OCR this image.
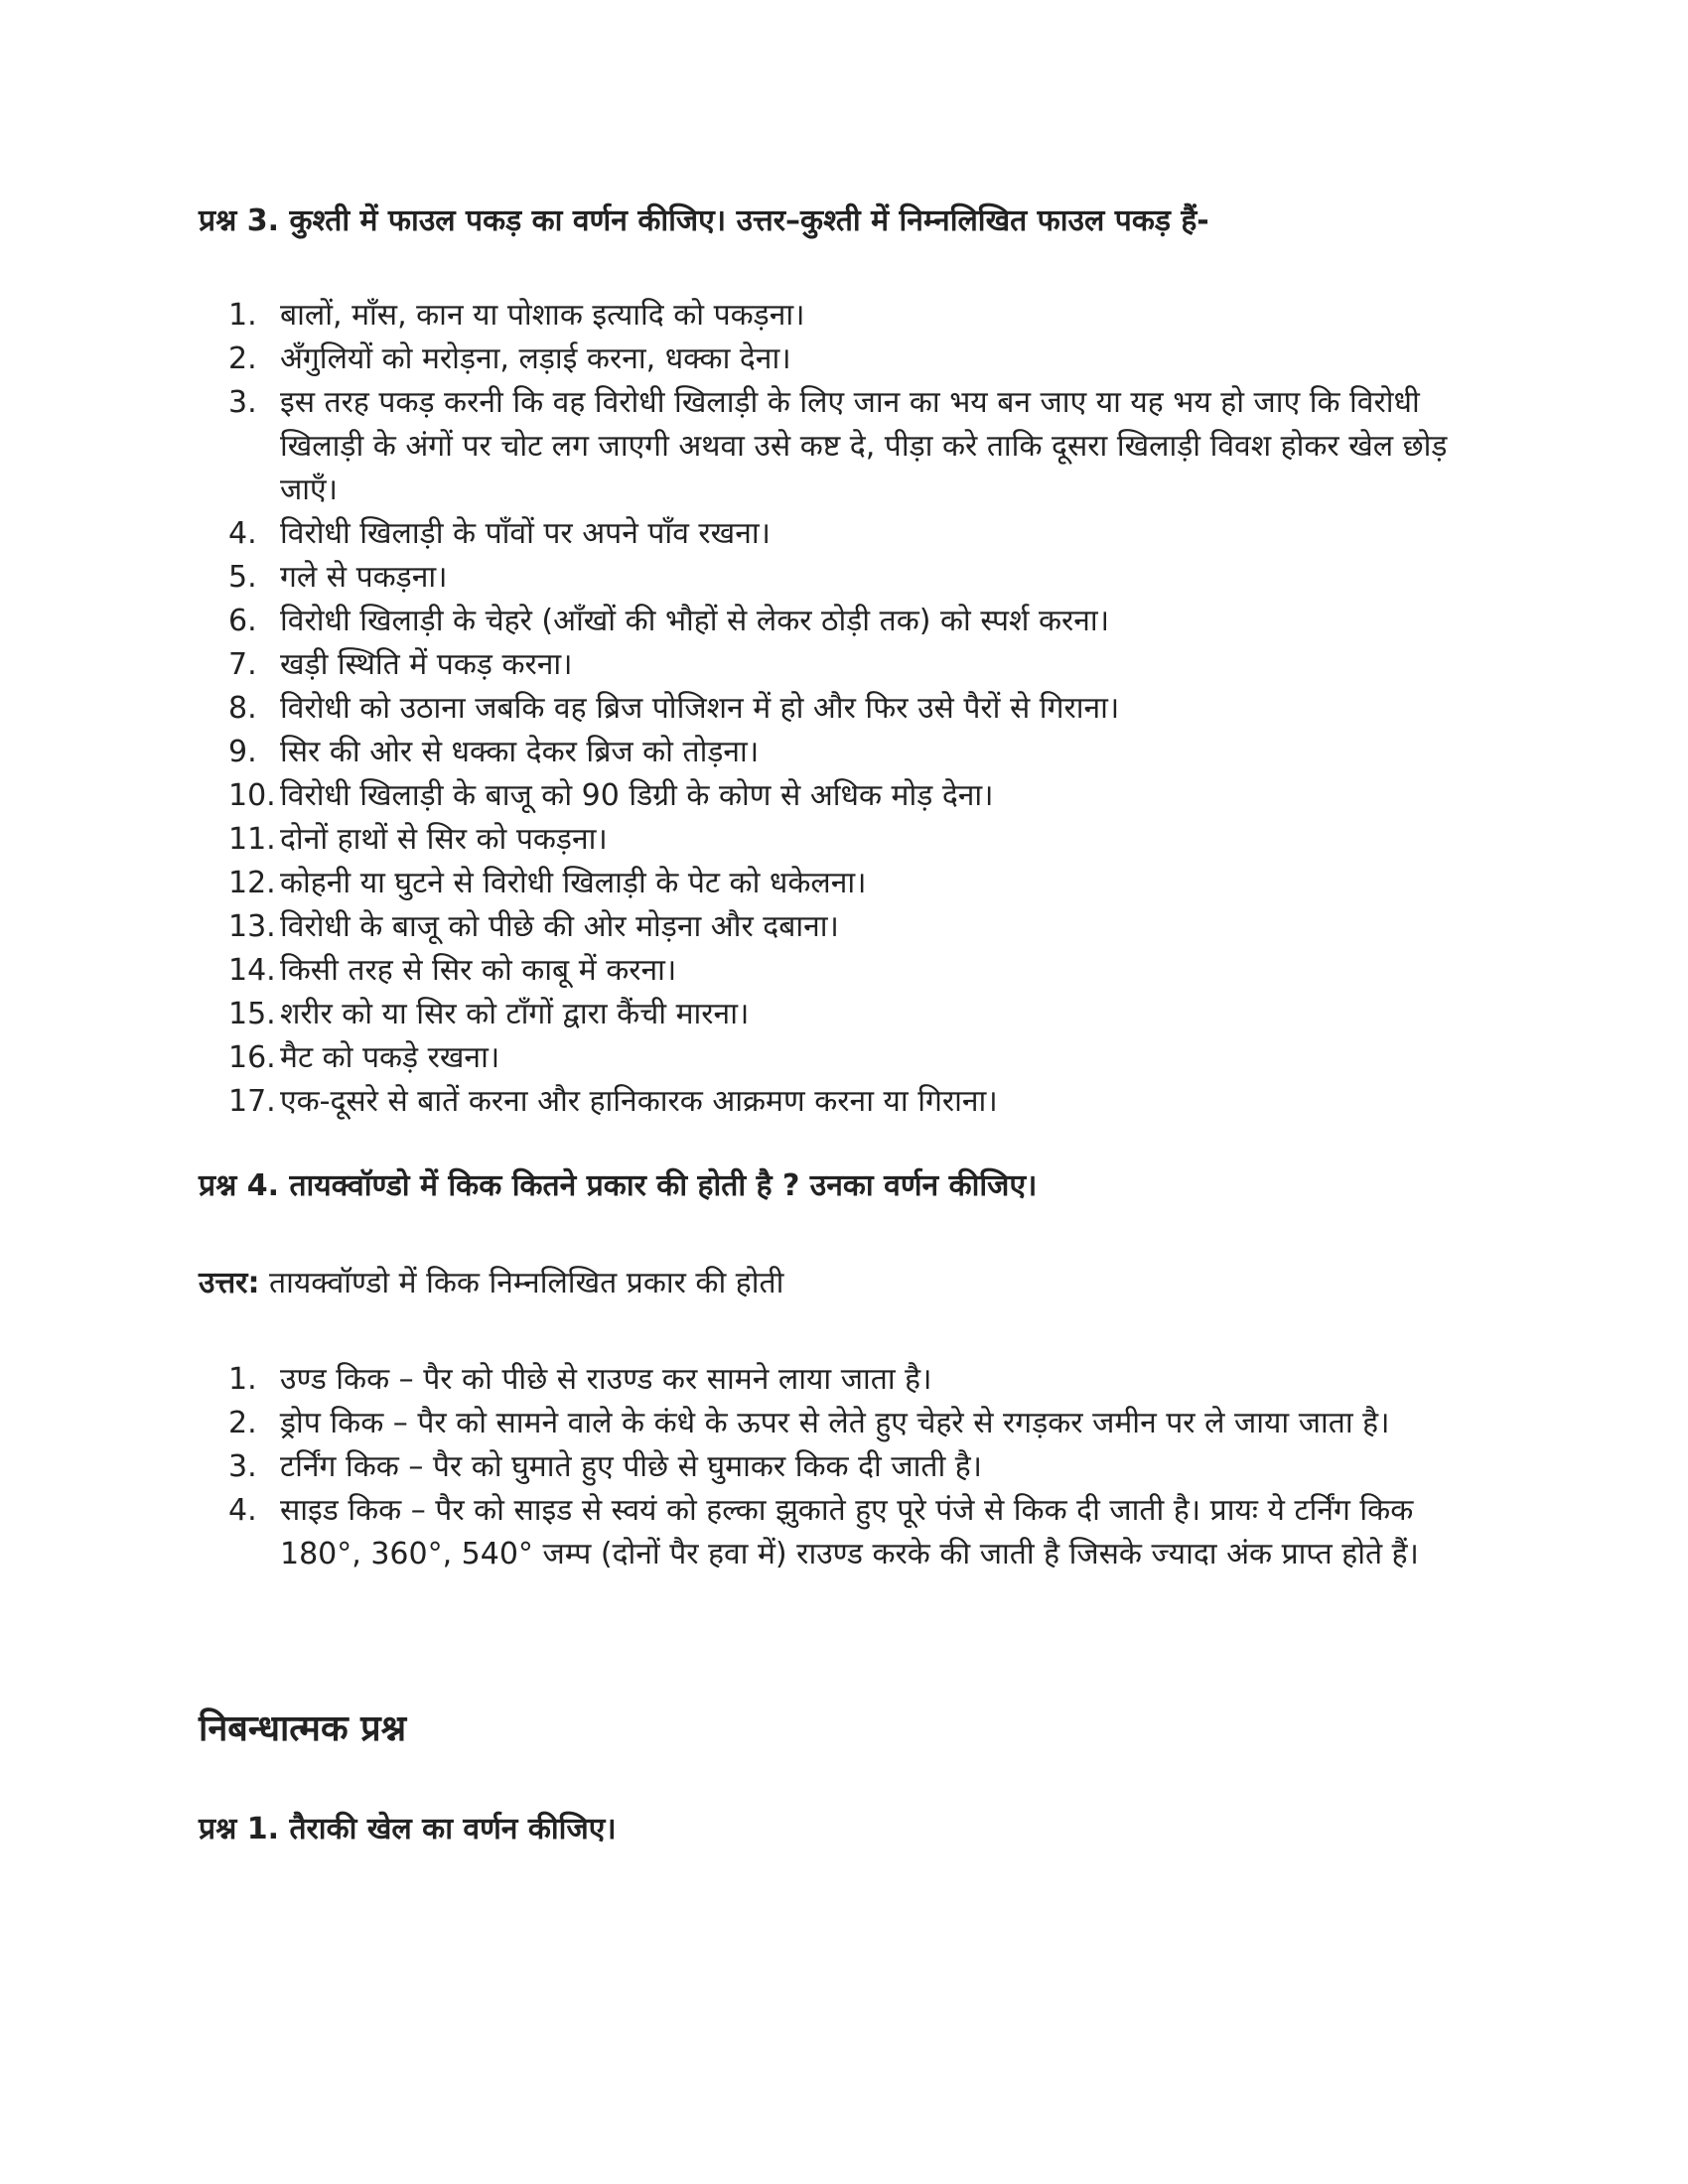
प्रश्न 3. कुश्ती में फाउल पकड़ का वर्णन कीजिए। उत्तर–कुश्ती में निम्नलिखित फाउल पकड़ हैं-
1. बालों, माँस, कान या पोशाक इत्यादि को पकड़ना।
2. अँगुलियों को मरोड़ना, लड़ाई करना, धक्का देना।
3. इस तरह पकड़ करनी कि वह विरोधी खिलाड़ी के लिए जान का भय बन जाए या यह भय हो जाए कि विरोधी खिलाड़ी के अंगों पर चोट लग जाएगी अथवा उसे कष्ट दे, पीड़ा करे ताकि दूसरा खिलाड़ी विवश होकर खेल छोड़ जाएँ।
4. विरोधी खिलाड़ी के पाँवों पर अपने पाँव रखना।
5. गले से पकड़ना।
6. विरोधी खिलाड़ी के चेहरे (आँखों की भौहों से लेकर ठोड़ी तक) को स्पर्श करना।
7. खड़ी स्थिति में पकड़ करना।
8. विरोधी को उठाना जबकि वह ब्रिज पोजिशन में हो और फिर उसे पैरों से गिराना।
9. सिर की ओर से धक्का देकर ब्रिज को तोड़ना।
10. विरोधी खिलाड़ी के बाजू को 90 डिग्री के कोण से अधिक मोड़ देना।
11. दोनों हाथों से सिर को पकड़ना।
12. कोहनी या घुटने से विरोधी खिलाड़ी के पेट को धकेलना।
13. विरोधी के बाजू को पीछे की ओर मोड़ना और दबाना।
14. किसी तरह से सिर को काबू में करना।
15. शरीर को या सिर को टाँगों द्वारा कैंची मारना।
16. मैट को पकड़े रखना।
17. एक-दूसरे से बातें करना और हानिकारक आक्रमण करना या गिराना।
प्रश्न 4. तायक्वॉण्डो में किक कितने प्रकार की होती है ? उनका वर्णन कीजिए।
उत्तर: तायक्वॉण्डो में किक निम्नलिखित प्रकार की होती
1. उण्ड किक – पैर को पीछे से राउण्ड कर सामने लाया जाता है।
2. ड्रोप किक – पैर को सामने वाले के कंधे के ऊपर से लेते हुए चेहरे से रगड़कर जमीन पर ले जाया जाता है।
3. टर्निंग किक – पैर को घुमाते हुए पीछे से घुमाकर किक दी जाती है।
4. साइड किक – पैर को साइड से स्वयं को हल्का झुकाते हुए पूरे पंजे से किक दी जाती है। प्रायः ये टर्निंग किक 180°, 360°, 540° जम्प (दोनों पैर हवा में) राउण्ड करके की जाती है जिसके ज्यादा अंक प्राप्त होते हैं।
निबन्धात्मक प्रश्न
प्रश्न 1. तैराकी खेल का वर्णन कीजिए।
